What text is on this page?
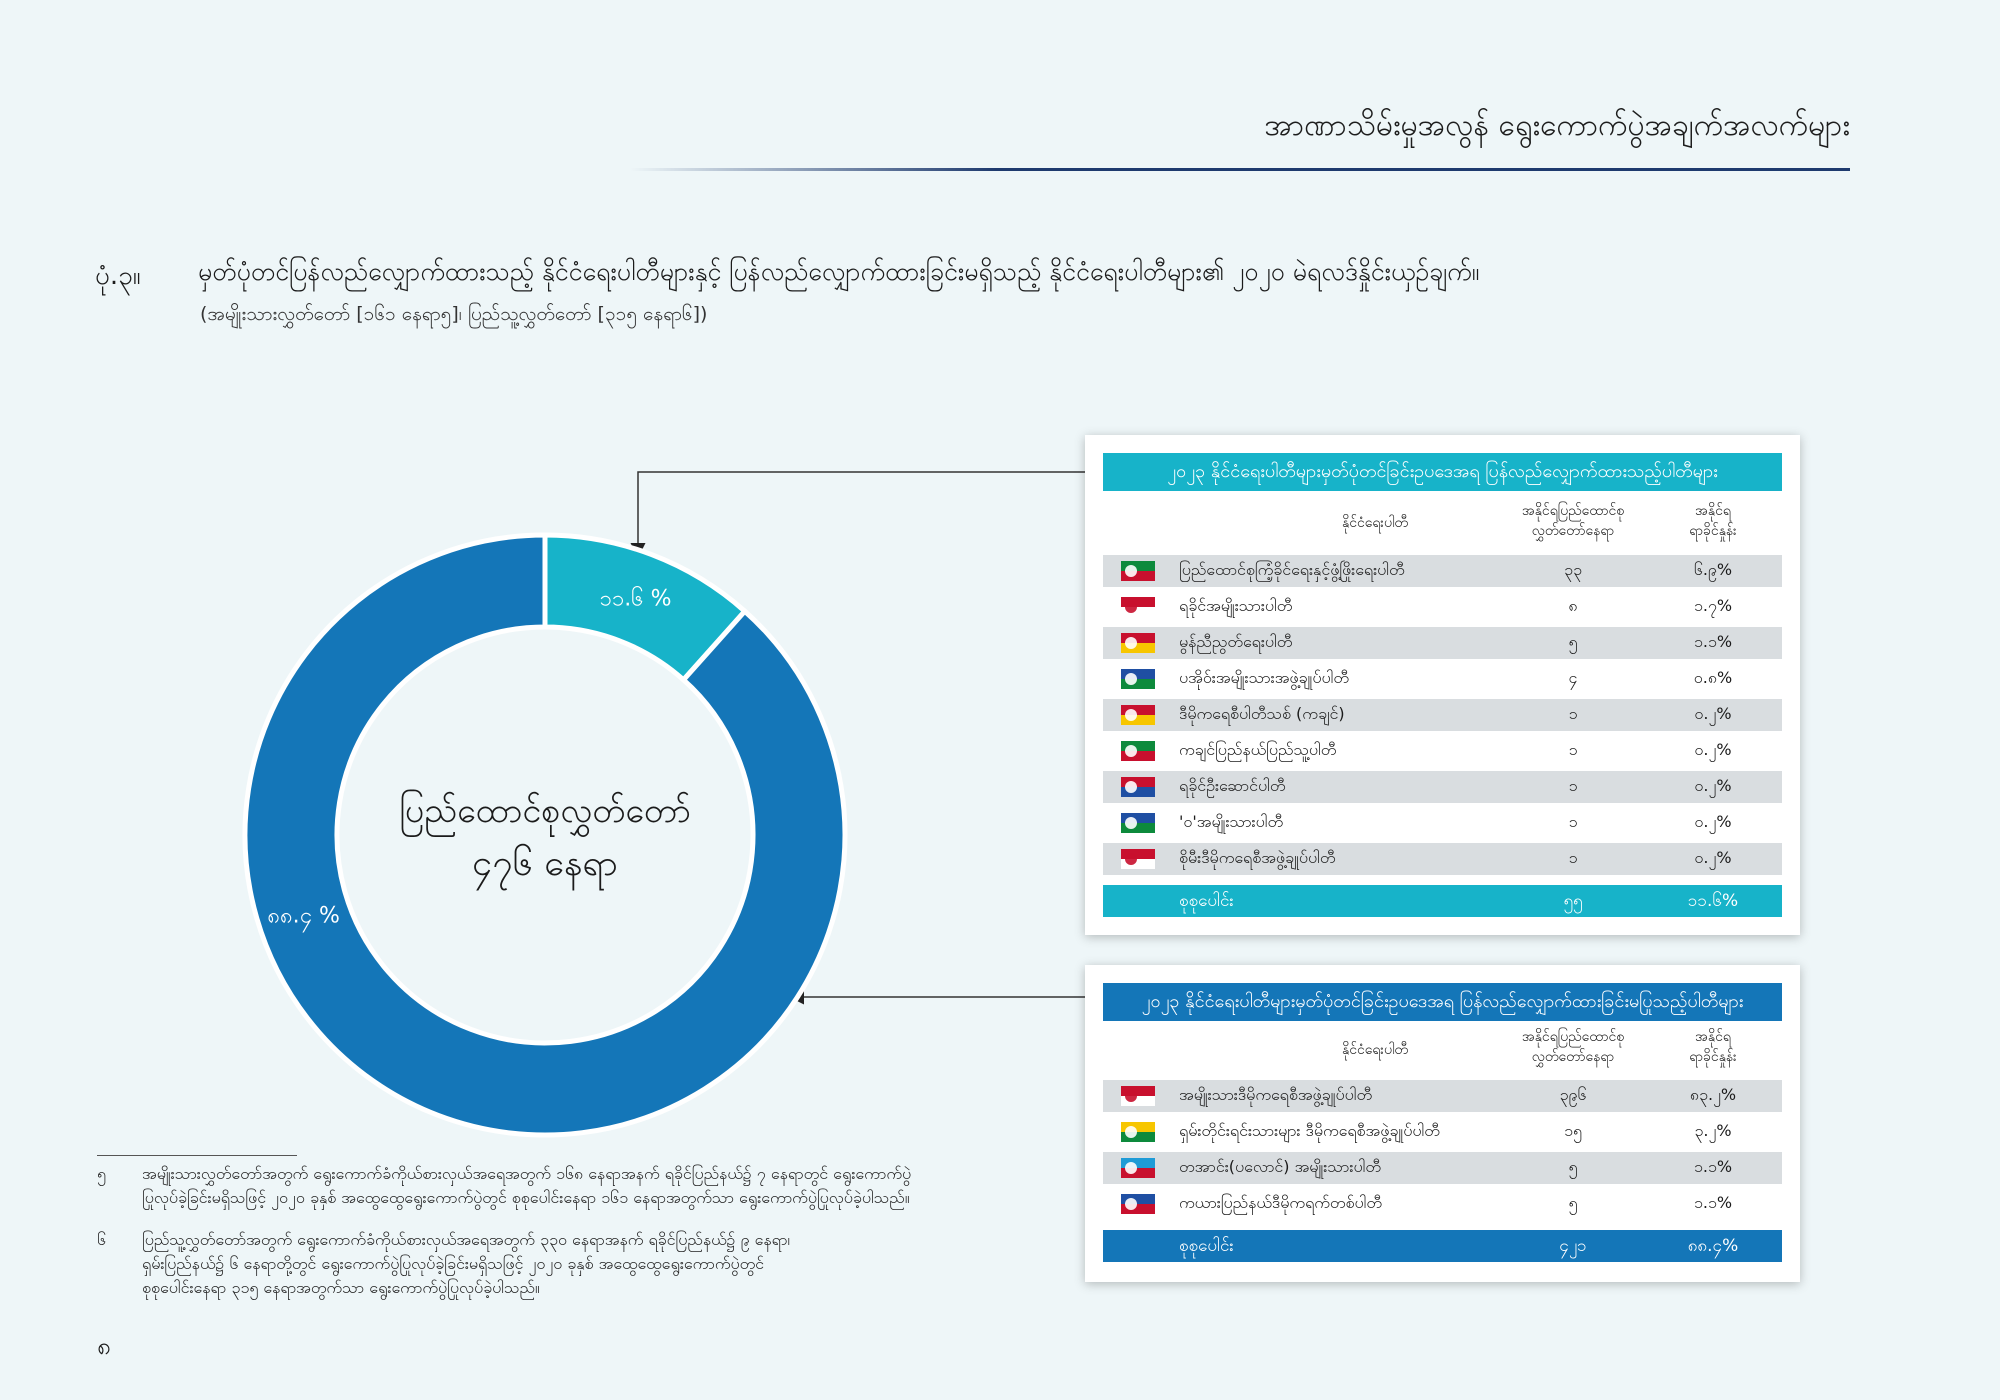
အာဏာသိမ်းမှုအလွန် ရွေးကောက်ပွဲအချက်အလက်များ
ပုံ.၃။ မှတ်ပုံတင်ပြန်လည်လျှောက်ထားသည့် နိုင်ငံရေးပါတီများနှင့် ပြန်လည်လျှောက်ထားခြင်းမရှိသည့် နိုင်ငံရေးပါတီများ၏ ၂၀၂၀ မဲရလဒ်နှိုင်းယှဉ်ချက်။
(အမျိုးသားလွှတ်တော် [၁၆၁ နေရာ၅]၊ ပြည်သူ့လွှတ်တော် [၃၁၅ နေရာ၆])
ပြည်ထောင်စုလွှတ်တော်
၄၇၆ နေရာ
၁၁.၆ %
၈၈.၄ %
၂၀၂၃ နိုင်ငံရေးပါတီများမှတ်ပုံတင်ခြင်းဥပဒေအရ ပြန်လည်လျှောက်ထားသည့်ပါတီများ
နိုင်ငံရေးပါတီ
အနိုင်ရပြည်ထောင်စု
လွှတ်တော်နေရာ
အနိုင်ရ
ရာခိုင်နှုန်း
ပြည်ထောင်စုကြံ့ခိုင်ရေးနှင့်ဖွံ့ဖြိုးရေးပါတီ	၃၃	၆.၉%
ရခိုင်အမျိုးသားပါတီ	၈	၁.၇%
မွန်ညီညွတ်ရေးပါတီ	၅	၁.၁%
ပအိုဝ်းအမျိုးသားအဖွဲ့ချုပ်ပါတီ	၄	၀.၈%
ဒီမိုကရေစီပါတီသစ် (ကချင်)	၁	၀.၂%
ကချင်ပြည်နယ်ပြည်သူ့ပါတီ	၁	၀.၂%
ရခိုင်ဦးဆောင်ပါတီ	၁	၀.၂%
'ဝ'အမျိုးသားပါတီ	၁	၀.၂%
စိုမီးဒီမိုကရေစီအဖွဲ့ချုပ်ပါတီ	၁	၀.၂%
စုစုပေါင်း	၅၅	၁၁.၆%
၂၀၂၃ နိုင်ငံရေးပါတီများမှတ်ပုံတင်ခြင်းဥပဒေအရ ပြန်လည်လျှောက်ထားခြင်းမပြုသည့်ပါတီများ
နိုင်ငံရေးပါတီ
အနိုင်ရပြည်ထောင်စု
လွှတ်တော်နေရာ
အနိုင်ရ
ရာခိုင်နှုန်း
အမျိုးသားဒီမိုကရေစီအဖွဲ့ချုပ်ပါတီ	၃၉၆	၈၃.၂%
ရှမ်းတိုင်းရင်းသားများ ဒီမိုကရေစီအဖွဲ့ချုပ်ပါတီ	၁၅	၃.၂%
တအာင်း(ပလောင်) အမျိုးသားပါတီ	၅	၁.၁%
ကယားပြည်နယ်ဒီမိုကရက်တစ်ပါတီ	၅	၁.၁%
စုစုပေါင်း	၄၂၁	၈၈.၄%
၅ အမျိုးသားလွှတ်တော်အတွက် ရွေးကောက်ခံကိုယ်စားလှယ်အရေအတွက် ၁၆၈ နေရာအနက် ရခိုင်ပြည်နယ်၌ ၇ နေရာတွင် ရွေးကောက်ပွဲ
ပြုလုပ်ခဲ့ခြင်းမရှိသဖြင့် ၂၀၂၀ ခုနှစ် အထွေထွေရွေးကောက်ပွဲတွင် စုစုပေါင်းနေရာ ၁၆၁ နေရာအတွက်သာ ရွေးကောက်ပွဲပြုလုပ်ခဲ့ပါသည်။
၆ ပြည်သူ့လွှတ်တော်အတွက် ရွေးကောက်ခံကိုယ်စားလှယ်အရေအတွက် ၃၃၀ နေရာအနက် ရခိုင်ပြည်နယ်၌ ၉ နေရာ၊
ရှမ်းပြည်နယ်၌ ၆ နေရာတို့တွင် ရွေးကောက်ပွဲပြုလုပ်ခဲ့ခြင်းမရှိသဖြင့် ၂၀၂၀ ခုနှစ် အထွေထွေရွေးကောက်ပွဲတွင်
စုစုပေါင်းနေရာ ၃၁၅ နေရာအတွက်သာ ရွေးကောက်ပွဲပြုလုပ်ခဲ့ပါသည်။
၈
